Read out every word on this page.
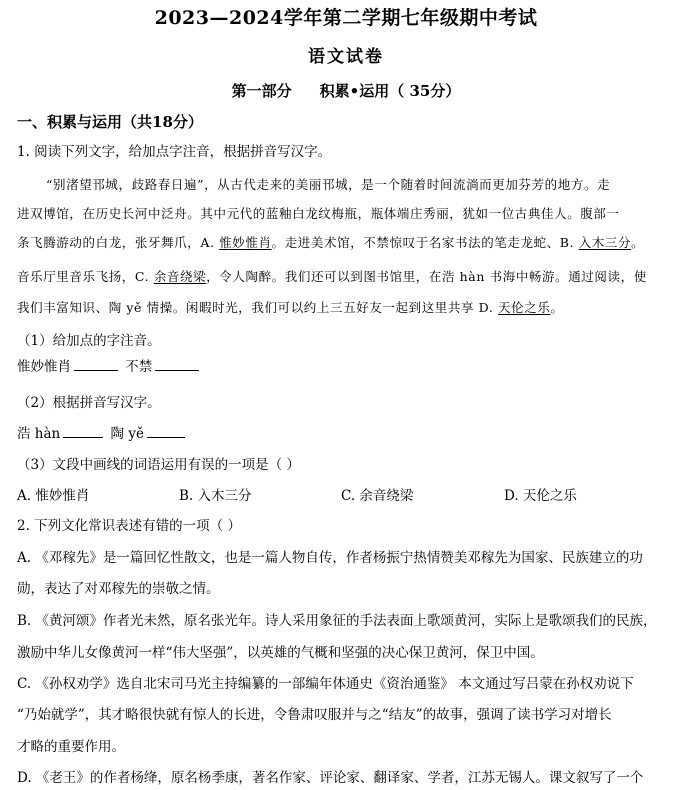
2023—2024学年第二学期七年级期中考试
语文试卷
第一部分 积累•运用（ 35分）
一、积累与运用（共18分）
1. 阅读下列文字，给加点字注音，根据拼音写汉字。
“别渚望邗城，歧路春日遍”，从古代走来的美丽邗城，是一个随着时间流淌而更加芬芳的地方。走
进双博馆，在历史长河中泛舟。其中元代的蓝釉白龙纹梅瓶，瓶体端庄秀丽，犹如一位古典佳人。腹部一
条飞腾游动的白龙，张牙舞爪，A. 惟妙惟肖。走进美术馆，不禁惊叹于名家书法的笔走龙蛇、B. 入木三分。
音乐厅里音乐飞扬，C. 余音绕梁，令人陶醉。我们还可以到图书馆里，在浩 hàn 书海中畅游。通过阅读，使
我们丰富知识、陶 yě 情操。闲暇时光，我们可以约上三五好友一起到这里共享 D. 天伦之乐。
（1）给加点的字注音。
惟妙惟肖	不禁
（2）根据拼音写汉字。
浩 hàn	陶 yě
（3）文段中画线的词语运用有误的一项是（ ）
A. 惟妙惟肖	B. 入木三分	C. 余音绕梁	D. 天伦之乐
2. 下列文化常识表述有错的一项（ ）
A. 《邓稼先》是一篇回忆性散文，也是一篇人物自传，作者杨振宁热情赞美邓稼先为国家、民族建立的功
勋，表达了对邓稼先的崇敬之情。
B. 《黄河颂》作者光未然，原名张光年。诗人采用象征的手法表面上歌颂黄河，实际上是歌颂我们的民族，
激励中华儿女像黄河一样“伟大坚强”，以英雄的气概和坚强的决心保卫黄河，保卫中国。
C. 《孙权劝学》选自北宋司马光主持编纂的一部编年体通史《资治通鉴》 本文通过写吕蒙在孙权劝说下
“乃始就学”，其才略很快就有惊人的长进，令鲁肃叹服并与之“结友”的故事，强调了读书学习对增长
才略的重要作用。
D. 《老王》的作者杨绛，原名杨季康，著名作家、评论家、翻译家、学者，江苏无锡人。课文叙写了一个
